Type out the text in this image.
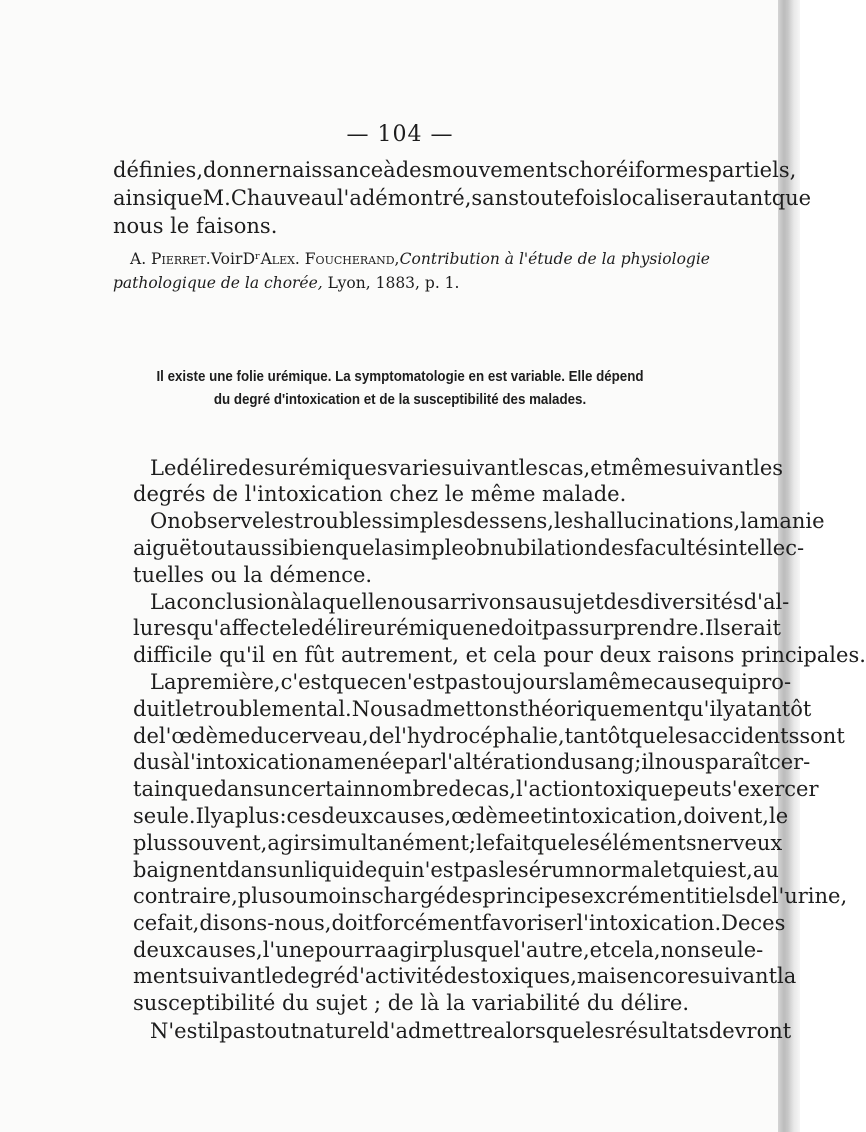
— 104 —
définies, donner naissance à des mouvements choréiformes partiels,
ainsi que M. Chauveau l'a démontré, sans toutefois localiser autant que
nous le faisons.
A. Pierret. Voir Dʳ Alex. Foucherand, Contribution à l'étude de la physiologie
pathologique de la chorée, Lyon, 1883, p. 1.
Il existe une folie urémique. La symptomatologie en est variable. Elle dépend
du degré d'intoxication et de la susceptibilité des malades.
Le délire des urémiques varie suivant les cas, et même suivant les
degrés de l'intoxication chez le même malade.
On observe les troubles simples des sens, les hallucinations, la manie
aiguë tout aussi bien que la simple obnubilation des facultés intellec-
tuelles ou la démence.
La conclusion à laquelle nous arrivons au sujet des diversités d'al-
lures qu'affecte le délire urémique ne doit pas surprendre. Il serait
difficile qu'il en fût autrement, et cela pour deux raisons principales.
La première, c'est que ce n'est pas toujours la même cause qui pro-
duit le trouble mental. Nous admettons théoriquement qu'il y a tantôt
de l'œdème du cerveau, de l'hydrocéphalie, tantôt que les accidents sont
dus à l'intoxication amenée par l'altération du sang ; il nous paraît cer-
tain que dans un certain nombre de cas, l'action toxique peut s'exercer
seule. Il y a plus : ces deux causes, œdème et intoxication, doivent, le
plus souvent, agir simultanément; le fait que les éléments nerveux
baignent dans un liquide qui n'est pas le sérum normal et qui est, au
contraire, plus ou moins chargé des principes excrémentitiels de l'urine,
ce fait, disons-nous, doit forcément favoriser l'intoxication. De ces
deux causes, l'une pourra agir plus que l'autre, et cela, non seule-
ment suivant le degré d'activité des toxiques, mais encore suivant la
susceptibilité du sujet ; de là la variabilité du délire.
N'est il pas tout naturel d'admettre alors que les résultats devront
